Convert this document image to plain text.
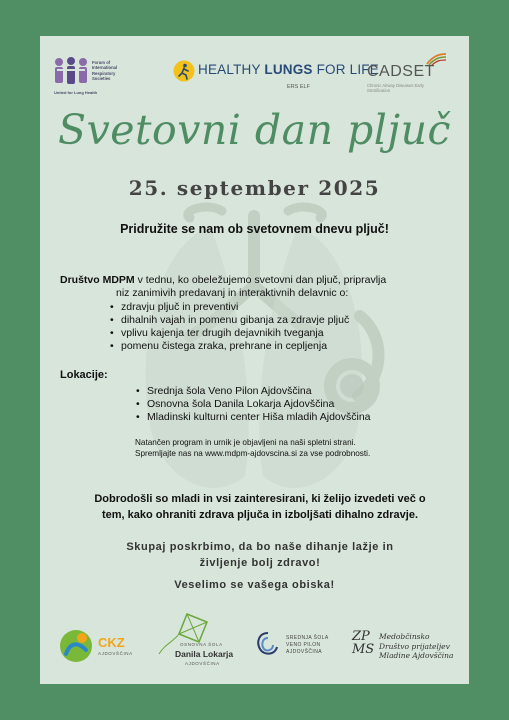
Forum of
International
Respiratory
Societies
United for Lung Health
HEALTHY LUNGS FOR LIFE
ERS ELF
CADSET
Chronic Airway Diseases Early Stratification
Svetovni dan pljuč
25. september 2025
Pridružite se nam ob svetovnem dnevu pljuč!
Društvo MDPM v tednu, ko obeležujemo svetovni dan pljuč, pripravlja
niz zanimivih predavanj in interaktivnih delavnic o:
• zdravju pljuč in preventivi
• dihalnih vajah in pomenu gibanja za zdravje pljuč
• vplivu kajenja ter drugih dejavnikih tveganja
• pomenu čistega zraka, prehrane in cepljenja
Lokacije:
• Srednja šola Veno Pilon Ajdovščina
• Osnovna šola Danila Lokarja Ajdovščina
• Mladinski kulturni center Hiša mladih Ajdovščina
Natančen program in urnik je objavljeni na naši spletni strani.
Spremljajte nas na www.mdpm-ajdovscina.si za vse podrobnosti.
Dobrodošli so mladi in vsi zainteresirani, ki želijo izvedeti več o
tem, kako ohraniti zdrava pljuča in izboljšati dihalno zdravje.
Skupaj poskrbimo, da bo naše dihanje lažje in
življenje bolj zdravo!
Veselimo se vašega obiska!
CKZ
AJDOVŠČINA
OSNOVNA ŠOLA
Danila Lokarja
AJDOVŠČINA
SREDNJA ŠOLA
VENO PILON
AJDOVŠČINA
ZP
MS
Medobčinsko
Društvo prijateljev
Mladine Ajdovščina
